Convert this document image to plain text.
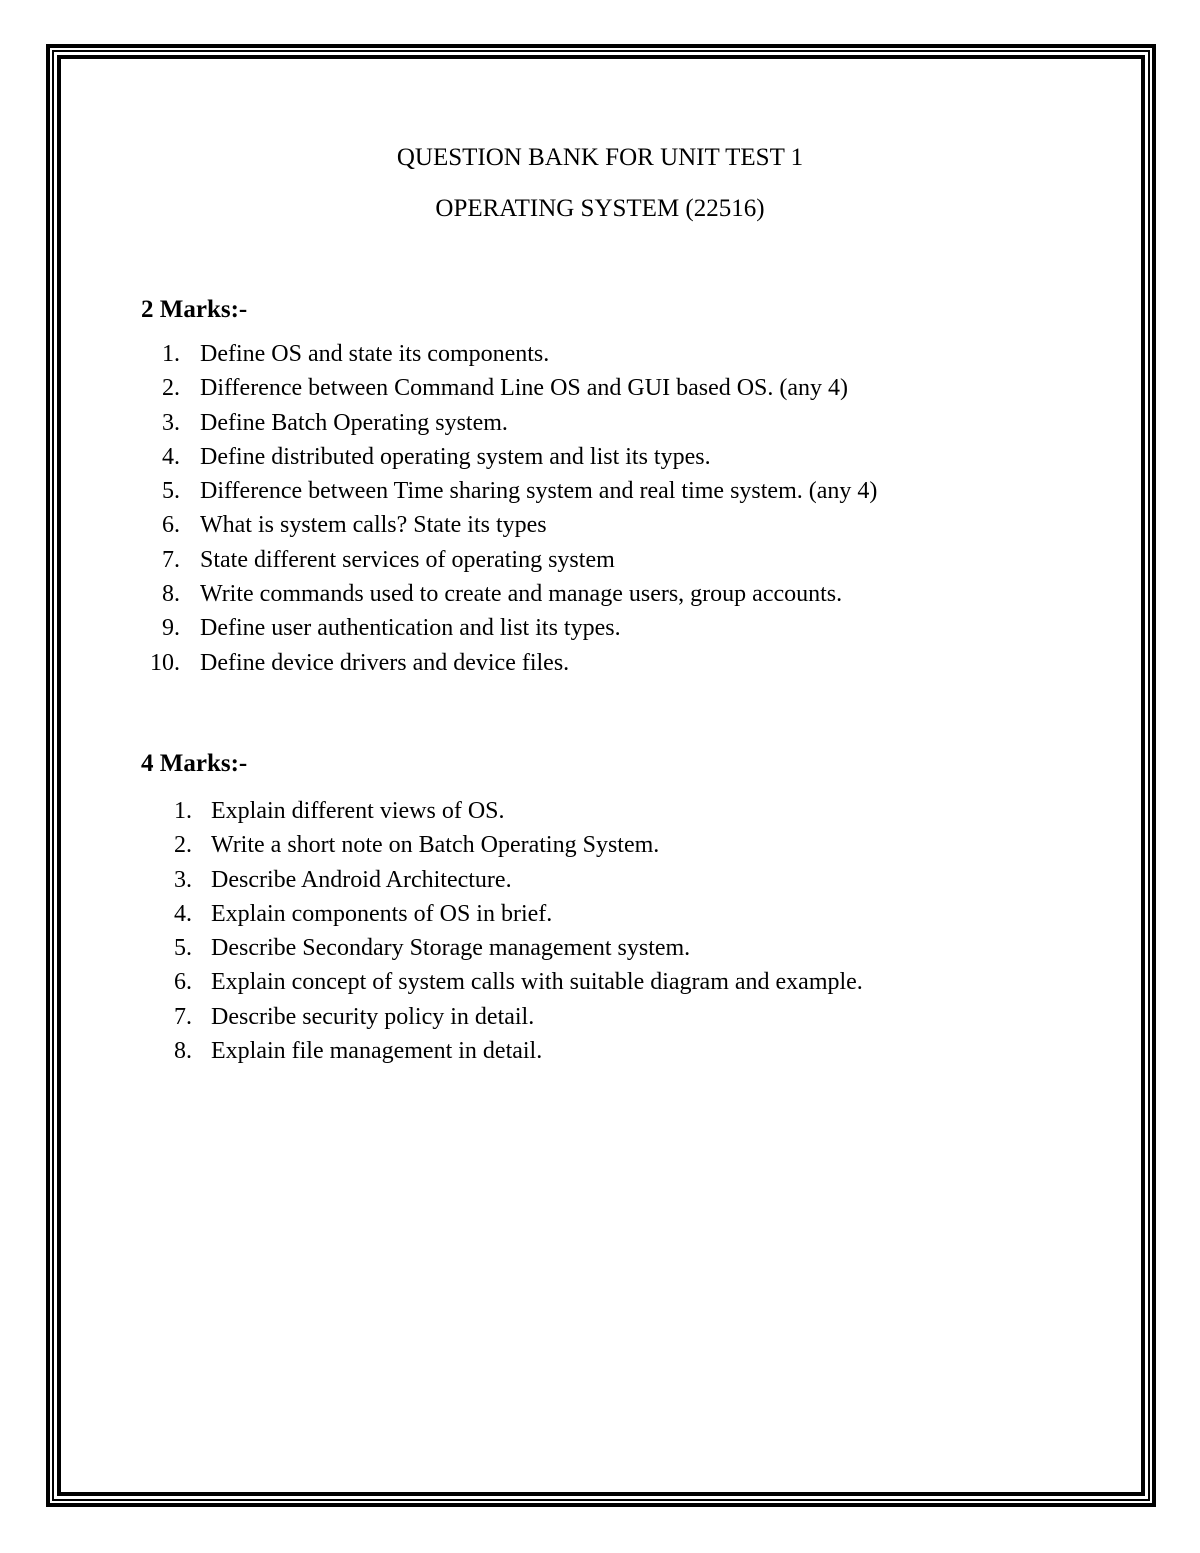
QUESTION BANK FOR UNIT TEST 1
OPERATING SYSTEM (22516)
2 Marks:-
1. Define OS and state its components.
2. Difference between Command Line OS and GUI based OS. (any 4)
3. Define Batch Operating system.
4. Define distributed operating system and list its types.
5. Difference between Time sharing system and real time system. (any 4)
6. What is system calls? State its types
7. State different services of operating system
8. Write commands used to create and manage users, group accounts.
9. Define user authentication and list its types.
10. Define device drivers and device files.
4 Marks:-
1. Explain different views of OS.
2. Write a short note on Batch Operating System.
3. Describe Android Architecture.
4. Explain components of OS in brief.
5. Describe Secondary Storage management system.
6. Explain concept of system calls with suitable diagram and example.
7. Describe security policy in detail.
8. Explain file management in detail.
